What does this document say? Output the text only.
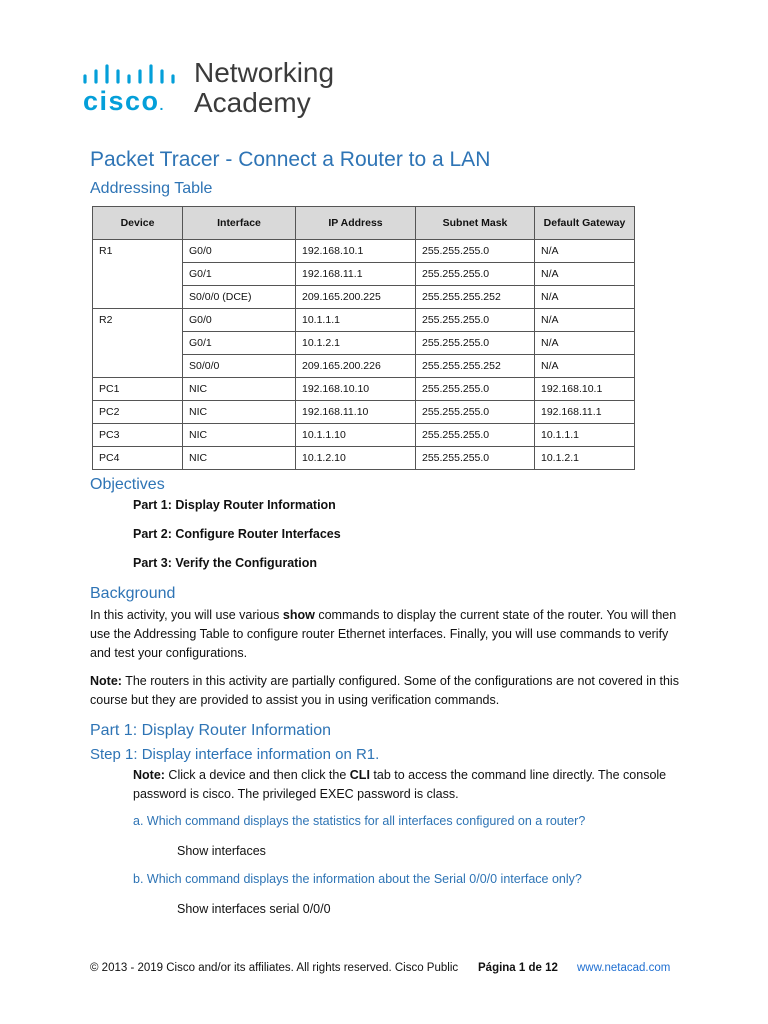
cisco.
Networking
Academy
Packet Tracer - Connect a Router to a LAN
Addressing Table
Device	Interface	IP Address	Subnet Mask	Default Gateway
R1	G0/0	192.168.10.1	255.255.255.0	N/A
	G0/1	192.168.11.1	255.255.255.0	N/A
	S0/0/0 (DCE)	209.165.200.225	255.255.255.252	N/A
R2	G0/0	10.1.1.1	255.255.255.0	N/A
	G0/1	10.1.2.1	255.255.255.0	N/A
	S0/0/0	209.165.200.226	255.255.255.252	N/A
PC1	NIC	192.168.10.10	255.255.255.0	192.168.10.1
PC2	NIC	192.168.11.10	255.255.255.0	192.168.11.1
PC3	NIC	10.1.1.10	255.255.255.0	10.1.1.1
PC4	NIC	10.1.2.10	255.255.255.0	10.1.2.1
Objectives
Part 1: Display Router Information
Part 2: Configure Router Interfaces
Part 3: Verify the Configuration
Background
In this activity, you will use various show commands to display the current state of the router. You will then use the Addressing Table to configure router Ethernet interfaces. Finally, you will use commands to verify and test your configurations.
Note: The routers in this activity are partially configured. Some of the configurations are not covered in this course but they are provided to assist you in using verification commands.
Part 1: Display Router Information
Step 1: Display interface information on R1.
Note: Click a device and then click the CLI tab to access the command line directly. The console password is cisco. The privileged EXEC password is class.
a. Which command displays the statistics for all interfaces configured on a router?
Show interfaces
b. Which command displays the information about the Serial 0/0/0 interface only?
Show interfaces serial 0/0/0
© 2013 - 2019 Cisco and/or its affiliates. All rights reserved. Cisco Public Página 1 de 12 www.netacad.com
